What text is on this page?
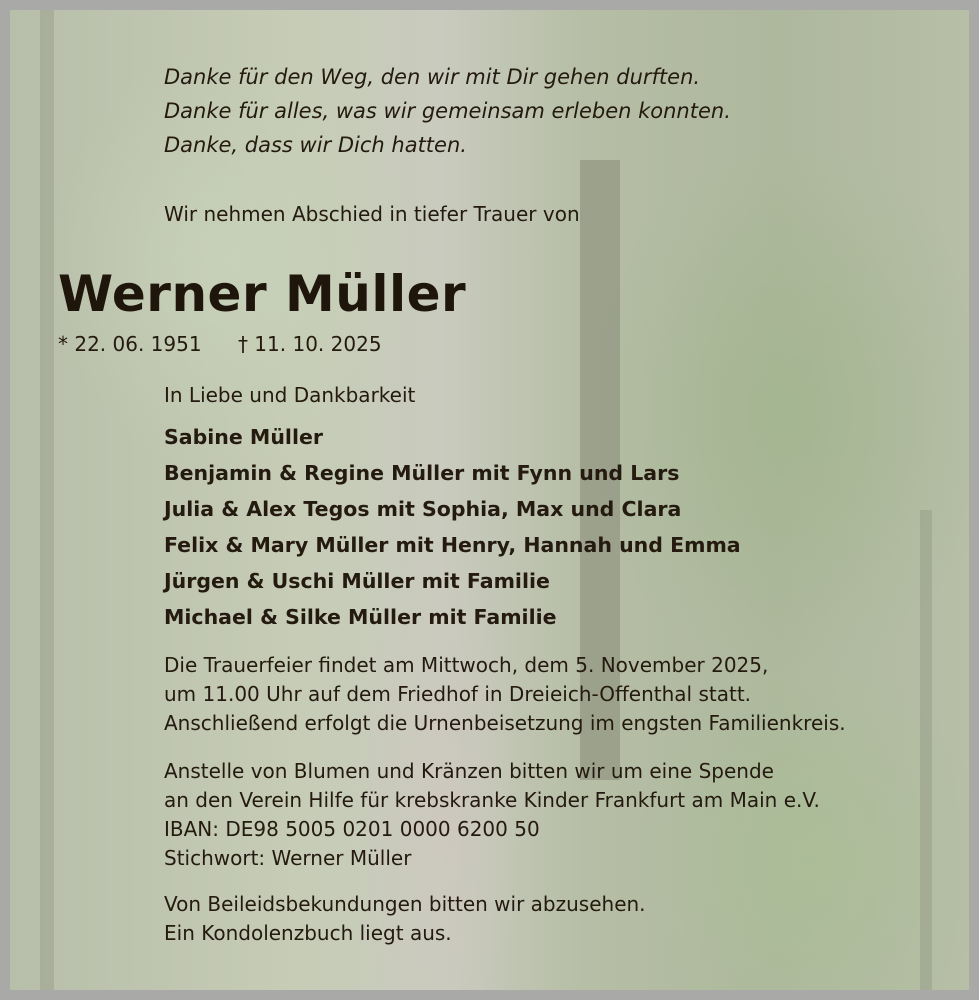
Danke für den Weg, den wir mit Dir gehen durften.
Danke für alles, was wir gemeinsam erleben konnten.
Danke, dass wir Dich hatten.
Wir nehmen Abschied in tiefer Trauer von
Werner Müller
* 22. 06. 1951 † 11. 10. 2025
In Liebe und Dankbarkeit
Sabine Müller
Benjamin & Regine Müller mit Fynn und Lars
Julia & Alex Tegos mit Sophia, Max und Clara
Felix & Mary Müller mit Henry, Hannah und Emma
Jürgen & Uschi Müller mit Familie
Michael & Silke Müller mit Familie
Die Trauerfeier findet am Mittwoch, dem 5. November 2025,
um 11.00 Uhr auf dem Friedhof in Dreieich-Offenthal statt.
Anschließend erfolgt die Urnenbeisetzung im engsten Familienkreis.
Anstelle von Blumen und Kränzen bitten wir um eine Spende
an den Verein Hilfe für krebskranke Kinder Frankfurt am Main e.V.
IBAN: DE98 5005 0201 0000 6200 50
Stichwort: Werner Müller
Von Beileidsbekundungen bitten wir abzusehen.
Ein Kondolenzbuch liegt aus.
